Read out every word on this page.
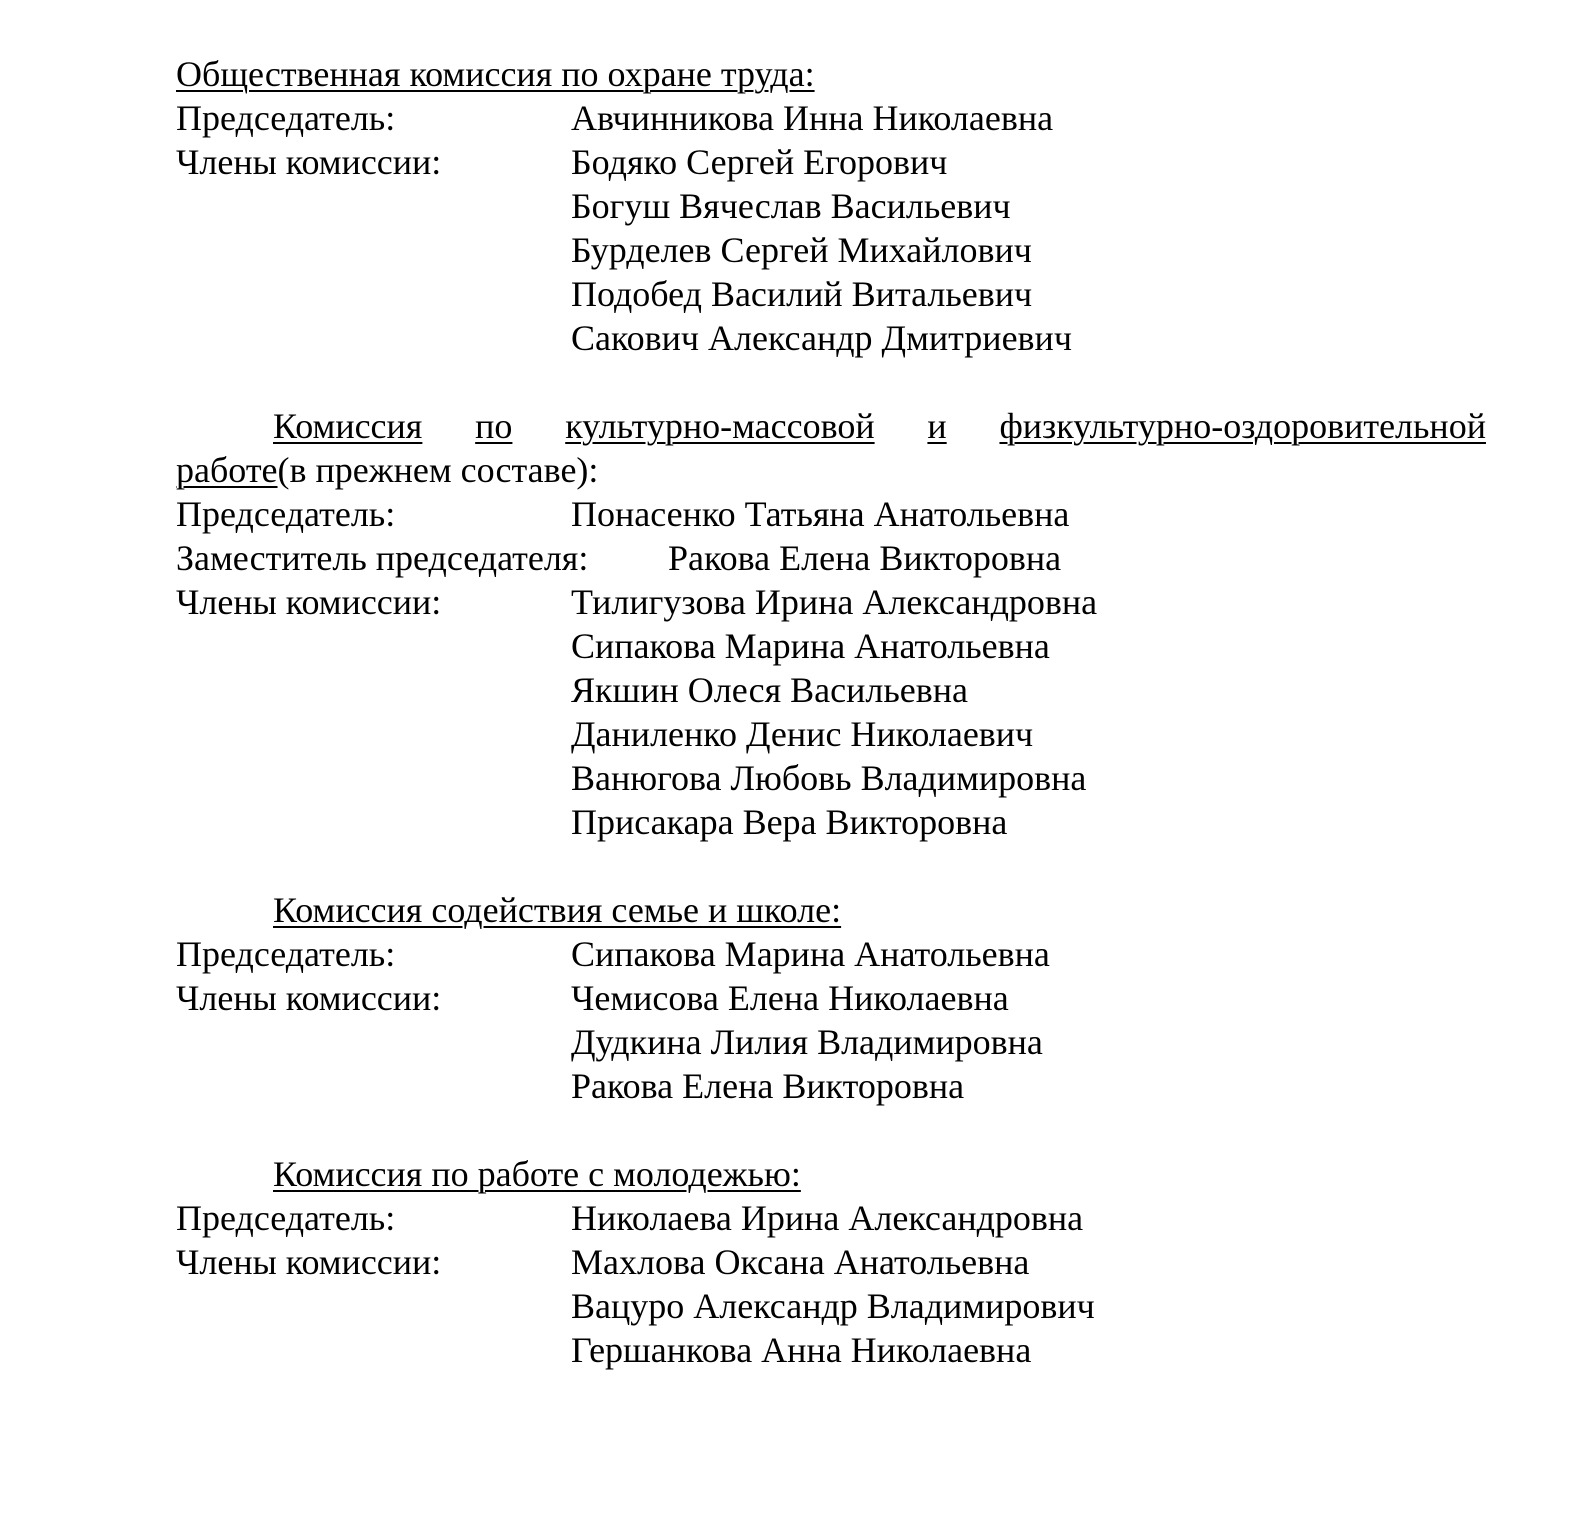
Общественная комиссия по охране труда:
Председатель:	Авчинникова Инна Николаевна
Члены комиссии:	Бодяко Сергей Егорович
Богуш Вячеслав Васильевич
Бурделев Сергей Михайлович
Подобед Василий Витальевич
Сакович Александр Дмитриевич
Комиссия по культурно-массовой и физкультурно-оздоровительной
работе(в прежнем составе):
Председатель:	Понасенко Татьяна Анатольевна
Заместитель председателя: Ракова Елена Викторовна
Члены комиссии:	Тилигузова Ирина Александровна
Сипакова Марина Анатольевна
Якшин Олеся Васильевна
Даниленко Денис Николаевич
Ванюгова Любовь Владимировна
Присакара Вера Викторовна
Комиссия содействия семье и школе:
Председатель:	Сипакова Марина Анатольевна
Члены комиссии:	Чемисова Елена Николаевна
Дудкина Лилия Владимировна
Ракова Елена Викторовна
Комиссия по работе с молодежью:
Председатель:	Николаева Ирина Александровна
Члены комиссии:	Махлова Оксана Анатольевна
Вацуро Александр Владимирович
Гершанкова Анна Николаевна
